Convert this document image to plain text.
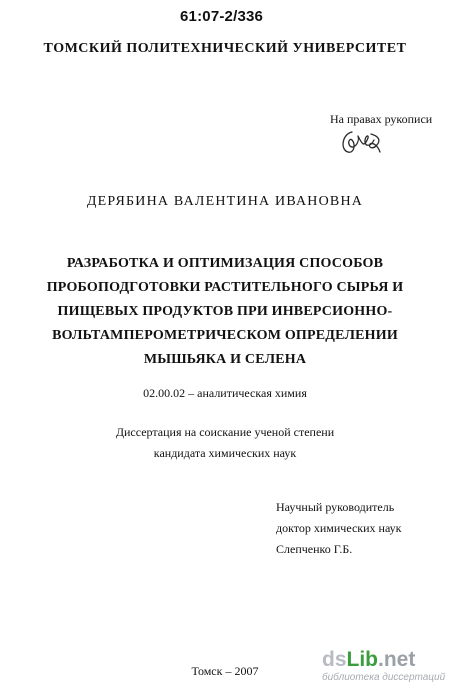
61:07-2/336
ТОМСКИЙ ПОЛИТЕХНИЧЕСКИЙ УНИВЕРСИТЕТ
На правах рукописи
ДЕРЯБИНА ВАЛЕНТИНА ИВАНОВНА
РАЗРАБОТКА И ОПТИМИЗАЦИЯ СПОСОБОВ
ПРОБОПОДГОТОВКИ РАСТИТЕЛЬНОГО СЫРЬЯ И
ПИЩЕВЫХ ПРОДУКТОВ ПРИ ИНВЕРСИОННО-
ВОЛЬТАМПЕРОМЕТРИЧЕСКОМ ОПРЕДЕЛЕНИИ
МЫШЬЯКА И СЕЛЕНА
02.00.02 – аналитическая химия
Диссертация на соискание ученой степени
кандидата химических наук
Научный руководитель
доктор химических наук
Слепченко Г.Б.
Томск – 2007	dsLib.net
библиотека диссертаций
